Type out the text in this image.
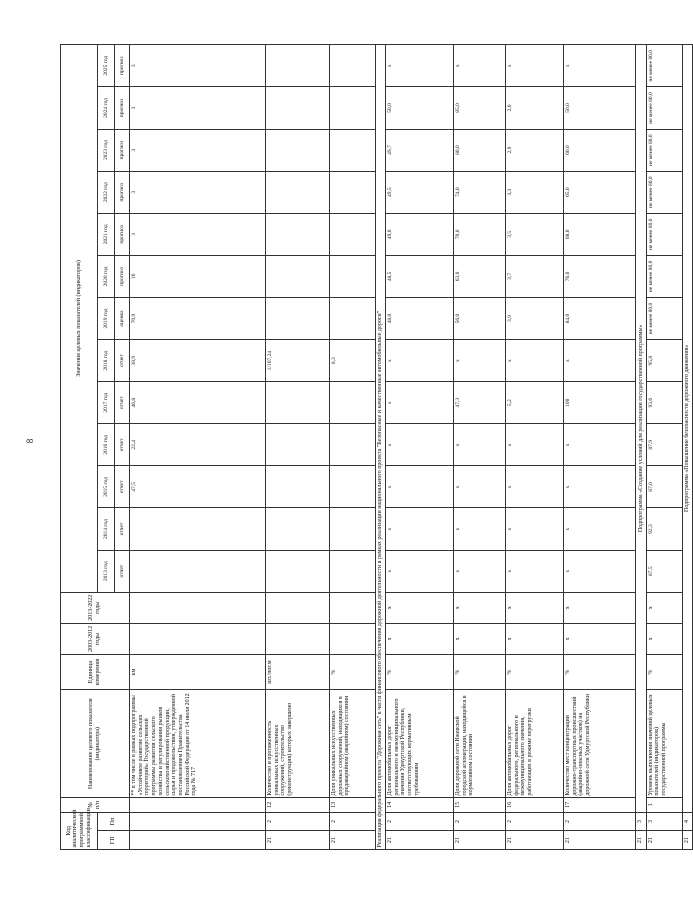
8
Код аналитической программной классификации		№ п/п	Наименование целевого показателя (индикатора)	Единица измерения	2003-2012 годы	2013-2022 годы	Значения целевых показателей (индикаторов)												
ГП	Пп						2013 год	2014 год	2015 год	2016 год	2017 год	2018 год	2019 год	2020 год	2021 год	2022 год	2023 год	2024 год	2025 год
							отчет	отчет	отчет	отчет	отчет	отчет	оценка	прогноз	прогноз	прогноз	прогноз	прогноз	прогноз
			** в том числе в рамках подпрограммы «Устойчивое развитие сельских территорий» Государственной программы развития сельского хозяйства и регулирования рынков сельскохозяйственной продукции, сырья и продовольствия, утвержденной постановлением Правительства Российской Федерации от 14 июля 2012 года № 717	км					47,5	22,4	46,8	38,9	70,9	16	3	3	3	3	3
21	2	12	Количество и протяженность уникальных искусственных сооружений, строительство (реконструкция) которых завершено	шт./пог.м								1/167,24							
21	2	13	Доля уникальных искусственных дорожных сооружений, находящихся в предаварийном (аварийном) состоянии	%								8,3							
Реализация федерального проекта "Дорожная сеть" в части финансового обеспечения дорожной деятельности в рамках реализации национального проекта "Безопасные и качественные автомобильные дороги"																			
21	2	14	Доля автомобильных дорог регионального и межмуниципального значения Удмуртской Республики, соответствующих нормативным требованиям	%	x	x	x	x	x	x	x	x	48,0	48,5	49,0	49,5	49,7	50,0	x
21	2	15	Доля дорожной сети Ижевской городской агломерации, находящейся в нормативном состоянии	%	x	x	x	x	x	x	47,3	x	56,0	63,0	70,0	74,0	80,0	85,0	x
21	2	16	Доля автомобильных дорог федерального, регионального и межмуниципального значения, работающих в режиме перегрузки	%	x	x	x	x	x	x	5,2	x	3,9	3,7	3,5	3,3	2,9	2,6	x
21	2	17	Количество мест концентрации дорожно-транспортных происшествий (аварийно-опасных участков) на дорожной сети Удмуртской Республики	%	x	x	x	x	x	x	100	x	84,0	76,0	68,0	65,0	60,0	50,0	x
21	3	Подпрограмма «Создание условий для реализации государственной программы»																	
21	3	1	Уровень выполнения значений целевых показателей (индикаторов) государственной программы	%	x	x	87,5	92,3	87,0	87,9	93,6	95,8	не менее 80,0	не менее 80,0	не менее 80,0	не менее 80,0	не менее 80,0	не менее 80,0	не менее 80,0
21	4	Подпрограмма «Повышение безопасности дорожного движения»																	
